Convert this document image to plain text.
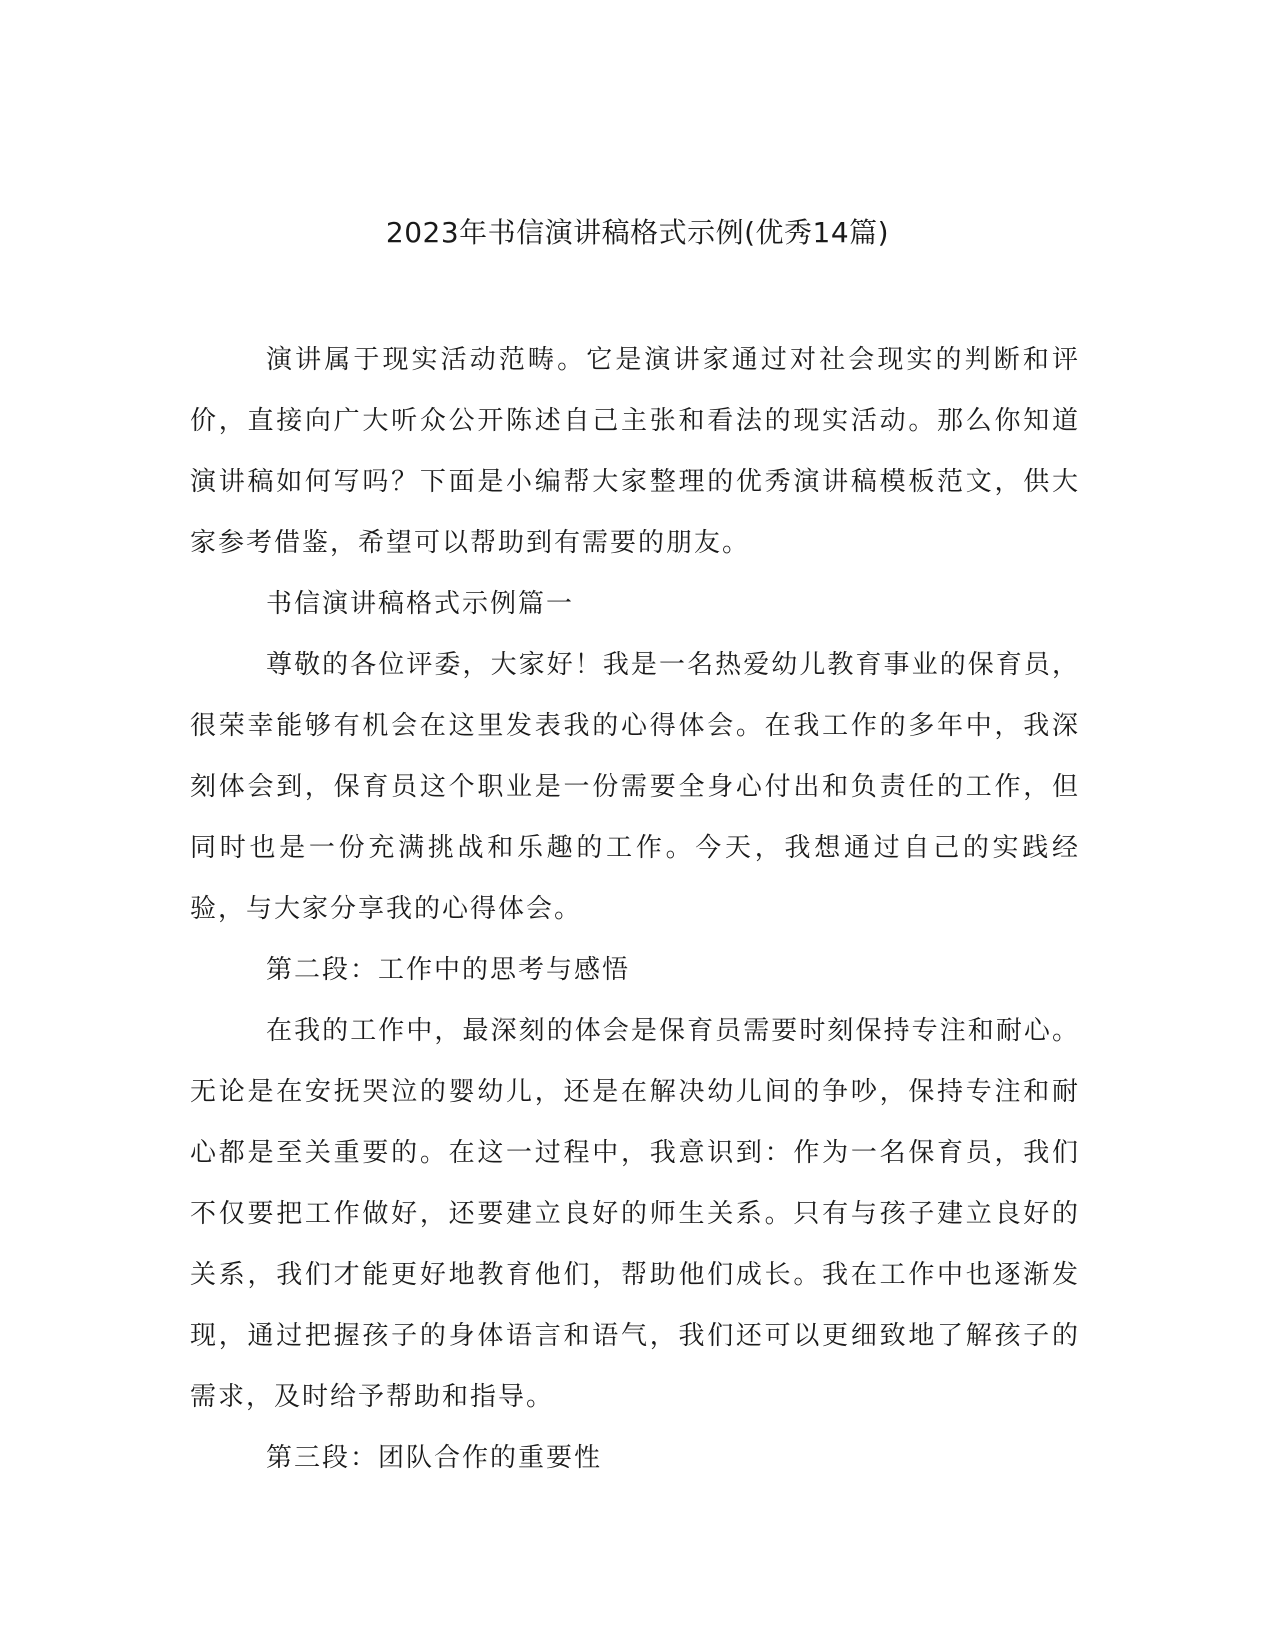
2023年书信演讲稿格式示例(优秀14篇)

演讲属于现实活动范畴。它是演讲家通过对社会现实的判断和评价，直接向广大听众公开陈述自己主张和看法的现实活动。那么你知道演讲稿如何写吗？下面是小编帮大家整理的优秀演讲稿模板范文，供大家参考借鉴，希望可以帮助到有需要的朋友。

书信演讲稿格式示例篇一

尊敬的各位评委，大家好！我是一名热爱幼儿教育事业的保育员，很荣幸能够有机会在这里发表我的心得体会。在我工作的多年中，我深刻体会到，保育员这个职业是一份需要全身心付出和负责任的工作，但同时也是一份充满挑战和乐趣的工作。今天，我想通过自己的实践经验，与大家分享我的心得体会。

第二段：工作中的思考与感悟

在我的工作中，最深刻的体会是保育员需要时刻保持专注和耐心。无论是在安抚哭泣的婴幼儿，还是在解决幼儿间的争吵，保持专注和耐心都是至关重要的。在这一过程中，我意识到：作为一名保育员，我们不仅要把工作做好，还要建立良好的师生关系。只有与孩子建立良好的关系，我们才能更好地教育他们，帮助他们成长。我在工作中也逐渐发现，通过把握孩子的身体语言和语气，我们还可以更细致地了解孩子的需求，及时给予帮助和指导。

第三段：团队合作的重要性
